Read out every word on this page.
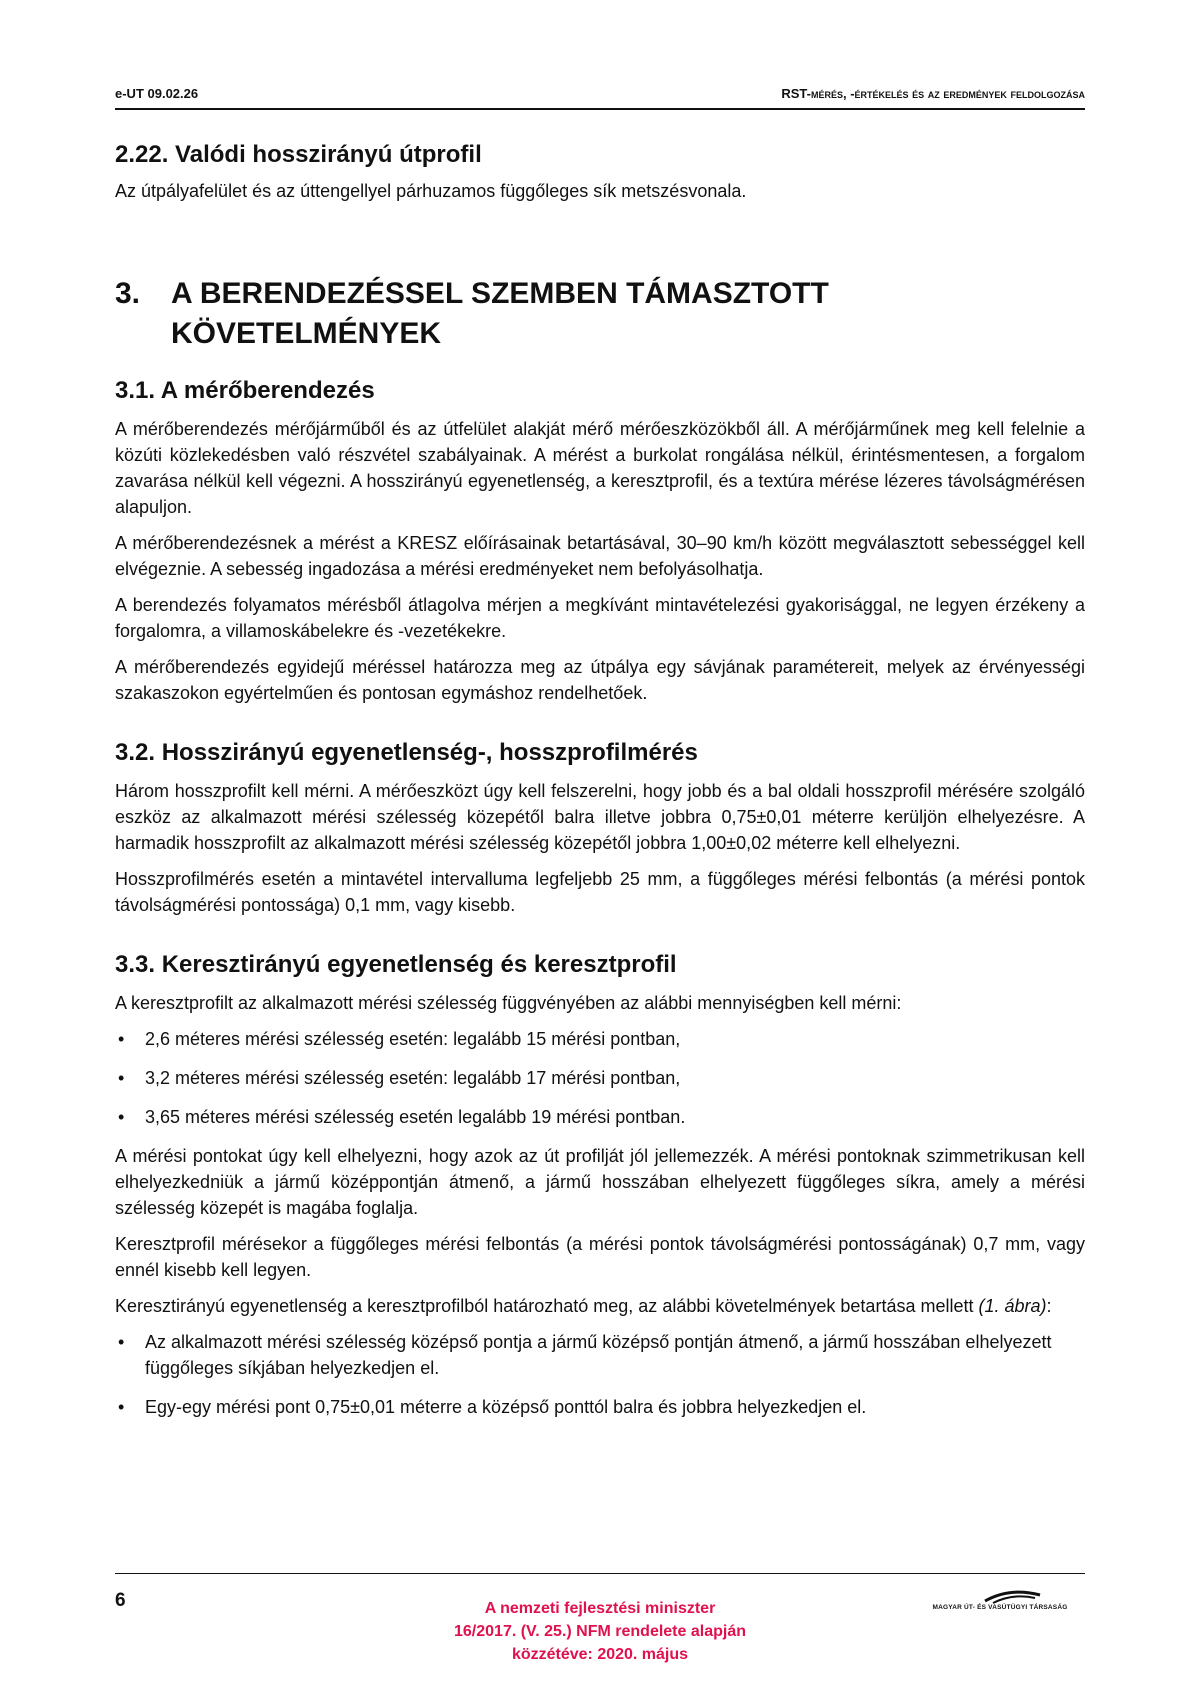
e-UT 09.02.26	RST-mérés, -értékelés és az eredmények feldolgozása
2.22. Valódi hosszirányú útprofil

Az útpályafelület és az úttengellyel párhuzamos függőleges sík metszésvonala.

3.	A BERENDEZÉSSEL SZEMBEN TÁMASZTOTT KÖVETELMÉNYEK
3.1. A mérőberendezés

A mérőberendezés mérőjárműből és az útfelület alakját mérő mérőeszközökből áll. A mérőjárműnek meg kell felelnie a közúti közlekedésben való részvétel szabályainak. A mérést a burkolat rongálása nélkül, érintésmentesen, a forgalom zavarása nélkül kell végezni. A hosszirányú egyenetlenség, a keresztprofil, és a textúra mérése lézeres távolságmérésen alapuljon.

A mérőberendezésnek a mérést a KRESZ előírásainak betartásával, 30–90 km/h között megválasztott sebességgel kell elvégeznie. A sebesség ingadozása a mérési eredményeket nem befolyásolhatja.

A berendezés folyamatos mérésből átlagolva mérjen a megkívánt mintavételezési gyakorisággal, ne legyen érzékeny a forgalomra, a villamoskábelekre és -vezetékekre.

A mérőberendezés egyidejű méréssel határozza meg az útpálya egy sávjának paramétereit, melyek az érvényességi szakaszokon egyértelműen és pontosan egymáshoz rendelhetőek.

3.2. Hosszirányú egyenetlenség-, hosszprofilmérés

Három hosszprofilt kell mérni. A mérőeszközt úgy kell felszerelni, hogy jobb és a bal oldali hosszprofil mérésére szolgáló eszköz az alkalmazott mérési szélesség közepétől balra illetve jobbra 0,75±0,01 méterre kerüljön elhelyezésre. A harmadik hosszprofilt az alkalmazott mérési szélesség közepétől jobbra 1,00±0,02 méterre kell elhelyezni.

Hosszprofilmérés esetén a mintavétel intervalluma legfeljebb 25 mm, a függőleges mérési felbontás (a mérési pontok távolságmérési pontossága) 0,1 mm, vagy kisebb.

3.3. Keresztirányú egyenetlenség és keresztprofil

A keresztprofilt az alkalmazott mérési szélesség függvényében az alábbi mennyiségben kell mérni:

• 2,6 méteres mérési szélesség esetén: legalább 15 mérési pontban,
• 3,2 méteres mérési szélesség esetén: legalább 17 mérési pontban,
• 3,65 méteres mérési szélesség esetén legalább 19 mérési pontban.

A mérési pontokat úgy kell elhelyezni, hogy azok az út profilját jól jellemezzék. A mérési pontoknak szimmetrikusan kell elhelyezkedniük a jármű középpontján átmenő, a jármű hosszában elhelyezett függőleges síkra, amely a mérési szélesség közepét is magába foglalja.

Keresztprofil mérésekor a függőleges mérési felbontás (a mérési pontok távolságmérési pontosságának) 0,7 mm, vagy ennél kisebb kell legyen.

Keresztirányú egyenetlenség a keresztprofilból határozható meg, az alábbi követelmények betartása mellett (1. ábra):

• Az alkalmazott mérési szélesség középső pontja a jármű középső pontján átmenő, a jármű hosszában elhelyezett függőleges síkjában helyezkedjen el.
• Egy-egy mérési pont 0,75±0,01 méterre a középső ponttól balra és jobbra helyezkedjen el.
6	A nemzeti fejlesztési miniszter
16/2017. (V. 25.) NFM rendelete alapján
közzétéve: 2020. május
MAGYAR ÚT- ÉS VASÚTÜGYI TÁRSASÁG
